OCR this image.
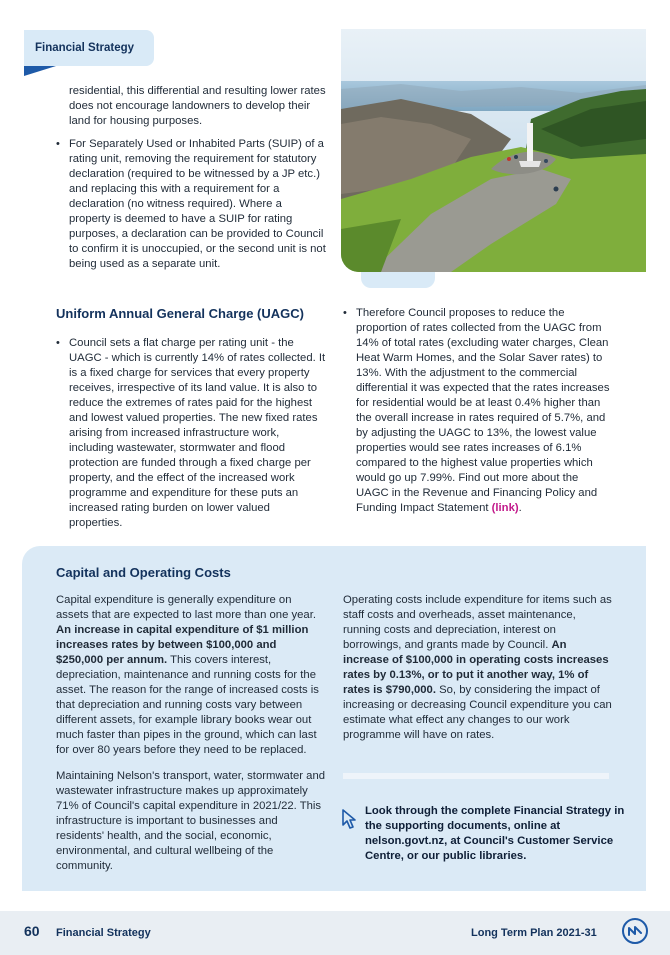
Financial Strategy

residential, this differential and resulting lower rates does not encourage landowners to develop their land for housing purposes.

• For Separately Used or Inhabited Parts (SUIP) of a rating unit, removing the requirement for statutory declaration (required to be witnessed by a JP etc.) and replacing this with a requirement for a declaration (no witness required). Where a property is deemed to have a SUIP for rating purposes, a declaration can be provided to Council to confirm it is unoccupied, or the second unit is not being used as a separate unit.
Uniform Annual General Charge (UAGC)
• Council sets a flat charge per rating unit - the UAGC - which is currently 14% of rates collected. It is a fixed charge for services that every property receives, irrespective of its land value. It is also to reduce the extremes of rates paid for the highest and lowest valued properties. The new fixed rates arising from increased infrastructure work, including wastewater, stormwater and flood protection are funded through a fixed charge per property, and the effect of the increased work programme and expenditure for these puts an increased rating burden on lower valued properties.
• Therefore Council proposes to reduce the proportion of rates collected from the UAGC from 14% of total rates (excluding water charges, Clean Heat Warm Homes, and the Solar Saver rates) to 13%. With the adjustment to the commercial differential it was expected that the rates increases for residential would be at least 0.4% higher than the overall increase in rates required of 5.7%, and by adjusting the UAGC to 13%, the lowest value properties would see rates increases of 6.1% compared to the highest value properties which would go up 7.99%. Find out more about the UAGC in the Revenue and Financing Policy and Funding Impact Statement (link).
Capital and Operating Costs

Capital expenditure is generally expenditure on assets that are expected to last more than one year. An increase in capital expenditure of $1 million increases rates by between $100,000 and $250,000 per annum. This covers interest, depreciation, maintenance and running costs for the asset. The reason for the range of increased costs is that depreciation and running costs vary between different assets, for example library books wear out much faster than pipes in the ground, which can last for over 80 years before they need to be replaced.

Maintaining Nelson's transport, water, stormwater and wastewater infrastructure makes up approximately 71% of Council's capital expenditure in 2021/22. This infrastructure is important to businesses and residents' health, and the social, economic, environmental, and cultural wellbeing of the community.

Operating costs include expenditure for items such as staff costs and overheads, asset maintenance, running costs and depreciation, interest on borrowings, and grants made by Council. An increase of $100,000 in operating costs increases rates by 0.13%, or to put it another way, 1% of rates is $790,000. So, by considering the impact of increasing or decreasing Council expenditure you can estimate what effect any changes to our work programme will have on rates.

Look through the complete Financial Strategy in the supporting documents, online at nelson.govt.nz, at Council's Customer Service Centre, or our public libraries.
60 Financial Strategy	Long Term Plan 2021-31
